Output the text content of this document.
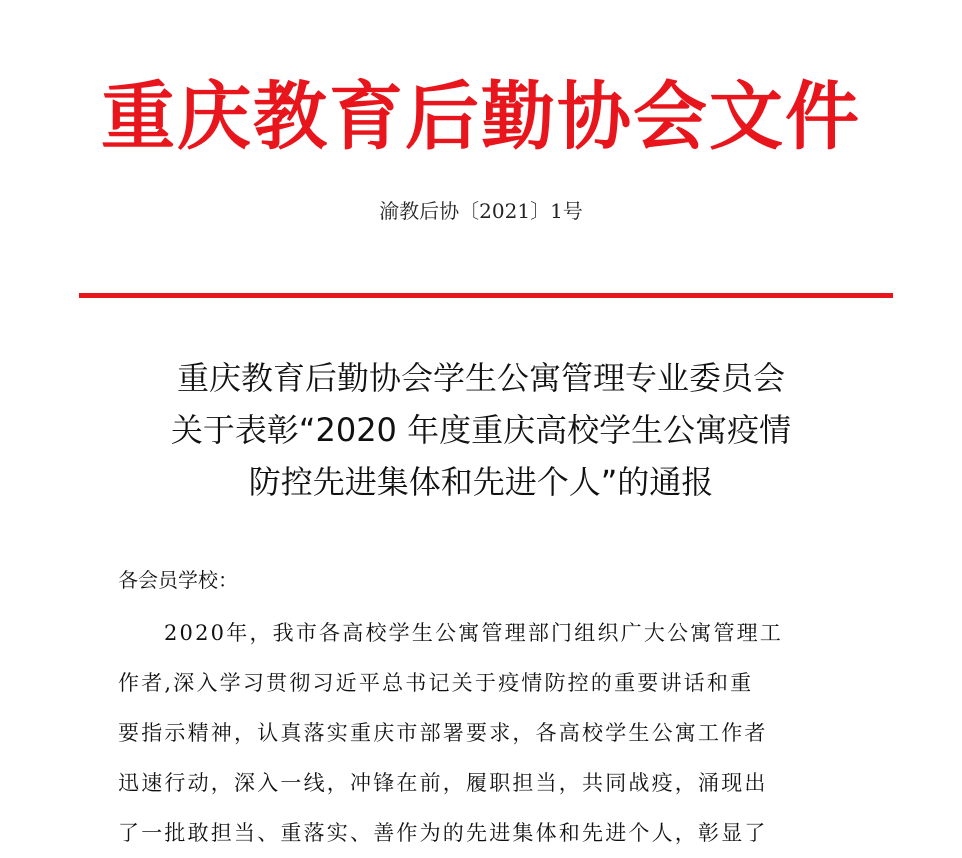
重庆教育后勤协会文件
渝教后协〔2021〕1号
重庆教育后勤协会学生公寓管理专业委员会
关于表彰“2020 年度重庆高校学生公寓疫情
防控先进集体和先进个人”的通报
各会员学校：
2020年，我市各高校学生公寓管理部门组织广大公寓管理工
作者,深入学习贯彻习近平总书记关于疫情防控的重要讲话和重
要指示精神，认真落实重庆市部署要求，各高校学生公寓工作者
迅速行动，深入一线，冲锋在前，履职担当，共同战疫，涌现出
了一批敢担当、重落实、善作为的先进集体和先进个人，彰显了
